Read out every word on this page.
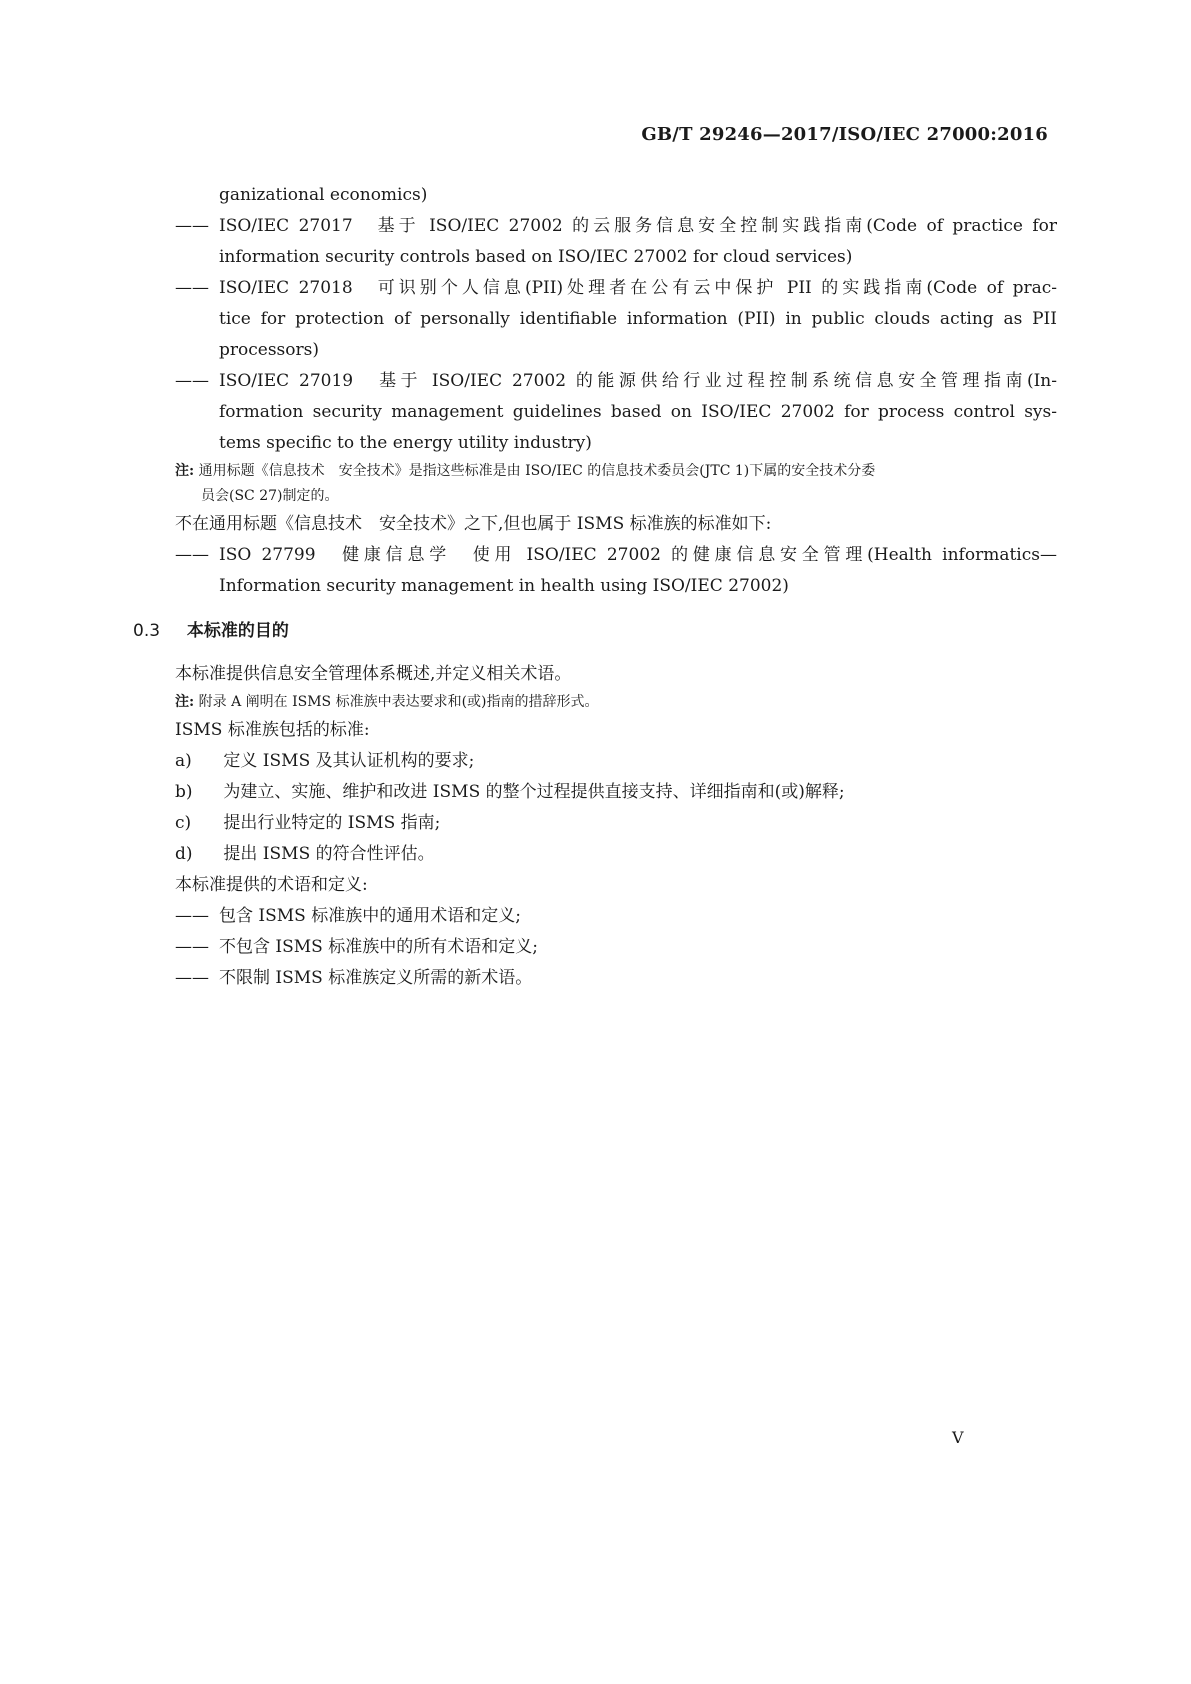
GB/T 29246—2017/ISO/IEC 27000:2016
ganizational economics)
—— ISO/IEC 27017　基于 ISO/IEC 27002 的云服务信息安全控制实践指南(Code of practice for
information security controls based on ISO/IEC 27002 for cloud services)
—— ISO/IEC 27018　可识别个人信息(PII)处理者在公有云中保护 PII 的实践指南(Code of prac-
tice for protection of personally identifiable information (PII) in public clouds acting as PII
processors)
—— ISO/IEC 27019　基于 ISO/IEC 27002 的能源供给行业过程控制系统信息安全管理指南(In-
formation security management guidelines based on ISO/IEC 27002 for process control sys-
tems specific to the energy utility industry)
注: 通用标题《信息技术　安全技术》是指这些标准是由 ISO/IEC 的信息技术委员会(JTC 1)下属的安全技术分委
员会(SC 27)制定的。
不在通用标题《信息技术　安全技术》之下,但也属于 ISMS 标准族的标准如下:
—— ISO 27799　健康信息学　使用 ISO/IEC 27002 的健康信息安全管理(Health informatics—
Information security management in health using ISO/IEC 27002)
0.3 本标准的目的
本标准提供信息安全管理体系概述,并定义相关术语。
注: 附录 A 阐明在 ISMS 标准族中表达要求和(或)指南的措辞形式。
ISMS 标准族包括的标准:
a) 定义 ISMS 及其认证机构的要求;
b) 为建立、实施、维护和改进 ISMS 的整个过程提供直接支持、详细指南和(或)解释;
c) 提出行业特定的 ISMS 指南;
d) 提出 ISMS 的符合性评估。
本标准提供的术语和定义:
—— 包含 ISMS 标准族中的通用术语和定义;
—— 不包含 ISMS 标准族中的所有术语和定义;
—— 不限制 ISMS 标准族定义所需的新术语。
V
